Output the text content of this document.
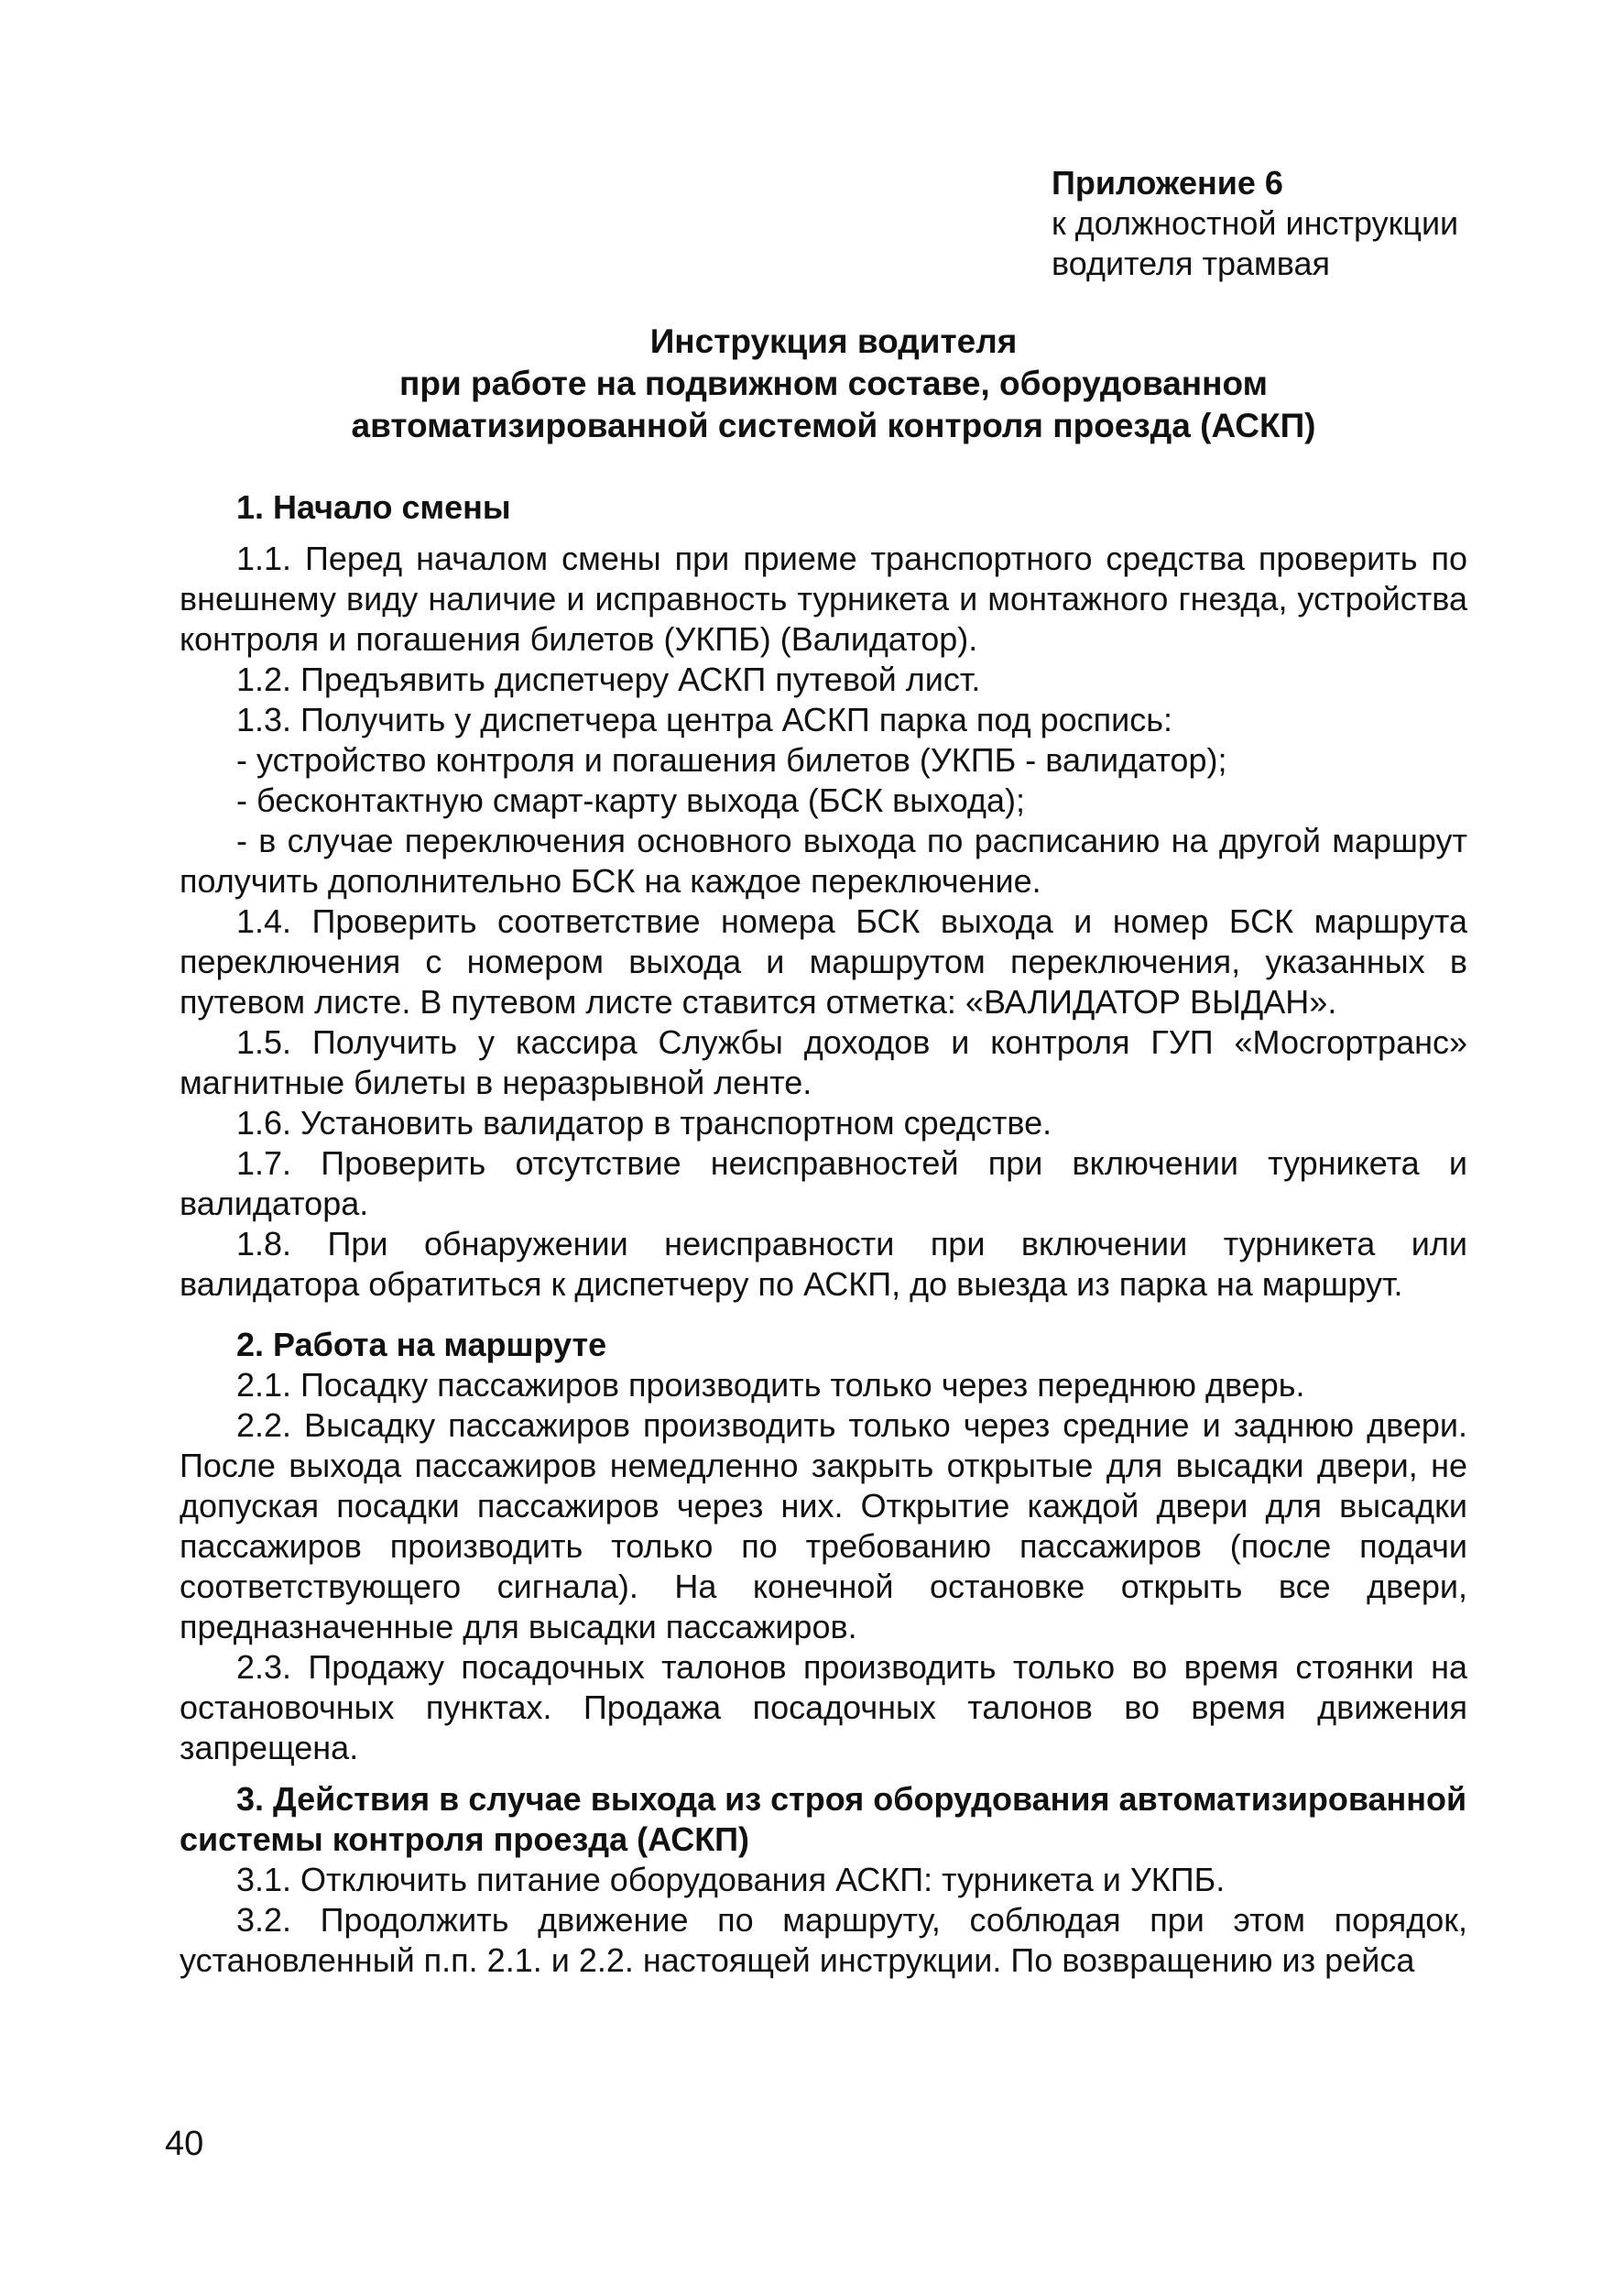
Приложение 6
к должностной инструкции
водителя трамвая
Инструкция водителя
при работе на подвижном составе, оборудованном
автоматизированной системой контроля проезда (АСКП)
1. Начало смены
1.1. Перед началом смены при приеме транспортного средства проверить по внешнему виду наличие и исправность турникета и монтажного гнезда, устройства контроля и погашения билетов (УКПБ) (Валидатор).
1.2. Предъявить диспетчеру АСКП путевой лист.
1.3. Получить у диспетчера центра АСКП парка под роспись:
- устройство контроля и погашения билетов (УКПБ - валидатор);
- бесконтактную смарт-карту выхода (БСК выхода);
- в случае переключения основного выхода по расписанию на другой маршрут получить дополнительно БСК на каждое переключение.
1.4. Проверить соответствие номера БСК выхода и номер БСК маршрута переключения с номером выхода и маршрутом переключения, указанных в путевом листе. В путевом листе ставится отметка: «ВАЛИДАТОР ВЫДАН».
1.5. Получить у кассира Службы доходов и контроля ГУП «Мосгортранс» магнитные билеты в неразрывной ленте.
1.6. Установить валидатор в транспортном средстве.
1.7. Проверить отсутствие неисправностей при включении турникета и валидатора.
1.8. При обнаружении неисправности при включении турникета или валидатора обратиться к диспетчеру по АСКП, до выезда из парка на маршрут.
2. Работа на маршруте
2.1. Посадку пассажиров производить только через переднюю дверь.
2.2. Высадку пассажиров производить только через средние и заднюю двери. После выхода пассажиров немедленно закрыть открытые для высадки двери, не допуская посадки пассажиров через них. Открытие каждой двери для высадки пассажиров производить только по требованию пассажиров (после подачи соответствующего сигнала). На конечной остановке открыть все двери, предназначенные для высадки пассажиров.
2.3. Продажу посадочных талонов производить только во время стоянки на остановочных пунктах. Продажа посадочных талонов во время движения запрещена.
3. Действия в случае выхода из строя оборудования автоматизированной системы контроля проезда (АСКП)
3.1. Отключить питание оборудования АСКП: турникета и УКПБ.
3.2. Продолжить движение по маршруту, соблюдая при этом порядок, установленный п.п. 2.1. и 2.2. настоящей инструкции. По возвращению из рейса
40
